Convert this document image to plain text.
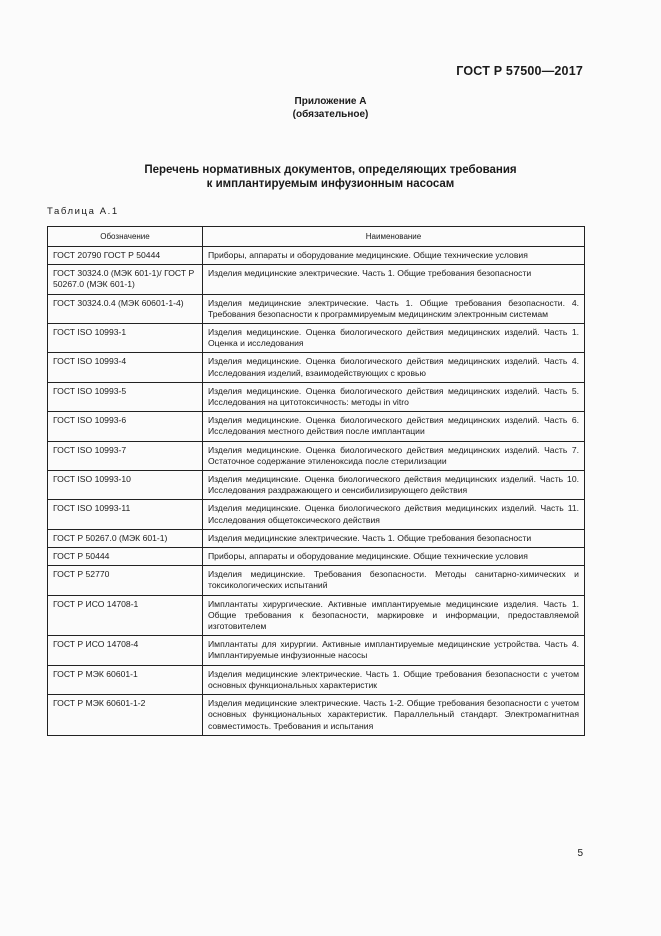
ГОСТ Р 57500—2017
Приложение А
(обязательное)
Перечень нормативных документов, определяющих требования
к имплантируемым инфузионным насосам
Таблица А.1
Обозначение	Наименование
ГОСТ 20790 ГОСТ Р 50444	Приборы, аппараты и оборудование медицинские. Общие технические условия
ГОСТ 30324.0 (МЭК 601-1)/ ГОСТ Р 50267.0 (МЭК 601-1)	Изделия медицинские электрические. Часть 1. Общие требования безопасности
ГОСТ 30324.0.4 (МЭК 60601-1-4)	Изделия медицинские электрические. Часть 1. Общие требования безопасности. 4. Требования безопасности к программируемым медицинским электронным системам
ГОСТ ISO 10993-1	Изделия медицинские. Оценка биологического действия медицинских изделий. Часть 1. Оценка и исследования
ГОСТ ISO 10993-4	Изделия медицинские. Оценка биологического действия медицинских изделий. Часть 4. Исследования изделий, взаимодействующих с кровью
ГОСТ ISO 10993-5	Изделия медицинские. Оценка биологического действия медицинских изделий. Часть 5. Исследования на цитотоксичность: методы in vitro
ГОСТ ISO 10993-6	Изделия медицинские. Оценка биологического действия медицинских изделий. Часть 6. Исследования местного действия после имплантации
ГОСТ ISO 10993-7	Изделия медицинские. Оценка биологического действия медицинских изделий. Часть 7. Остаточное содержание этиленоксида после стерилизации
ГОСТ ISO 10993-10	Изделия медицинские. Оценка биологического действия медицинских изделий. Часть 10. Исследования раздражающего и сенсибилизирующего действия
ГОСТ ISO 10993-11	Изделия медицинские. Оценка биологического действия медицинских изделий. Часть 11. Исследования общетоксического действия
ГОСТ Р 50267.0 (МЭК 601-1)	Изделия медицинские электрические. Часть 1. Общие требования безопасности
ГОСТ Р 50444	Приборы, аппараты и оборудование медицинские. Общие технические условия
ГОСТ Р 52770	Изделия медицинские. Требования безопасности. Методы санитарно-химических и токсикологических испытаний
ГОСТ Р ИСО 14708-1	Имплантаты хирургические. Активные имплантируемые медицинские изделия. Часть 1. Общие требования к безопасности, маркировке и информации, предоставляемой изготовителем
ГОСТ Р ИСО 14708-4	Имплантаты для хирургии. Активные имплантируемые медицинские устройства. Часть 4. Имплантируемые инфузионные насосы
ГОСТ Р МЭК 60601-1	Изделия медицинские электрические. Часть 1. Общие требования безопасности с учетом основных функциональных характеристик
ГОСТ Р МЭК 60601-1-2	Изделия медицинские электрические. Часть 1-2. Общие требования безопасности с учетом основных функциональных характеристик. Параллельный стандарт. Электромагнитная совместимость. Требования и испытания
5
